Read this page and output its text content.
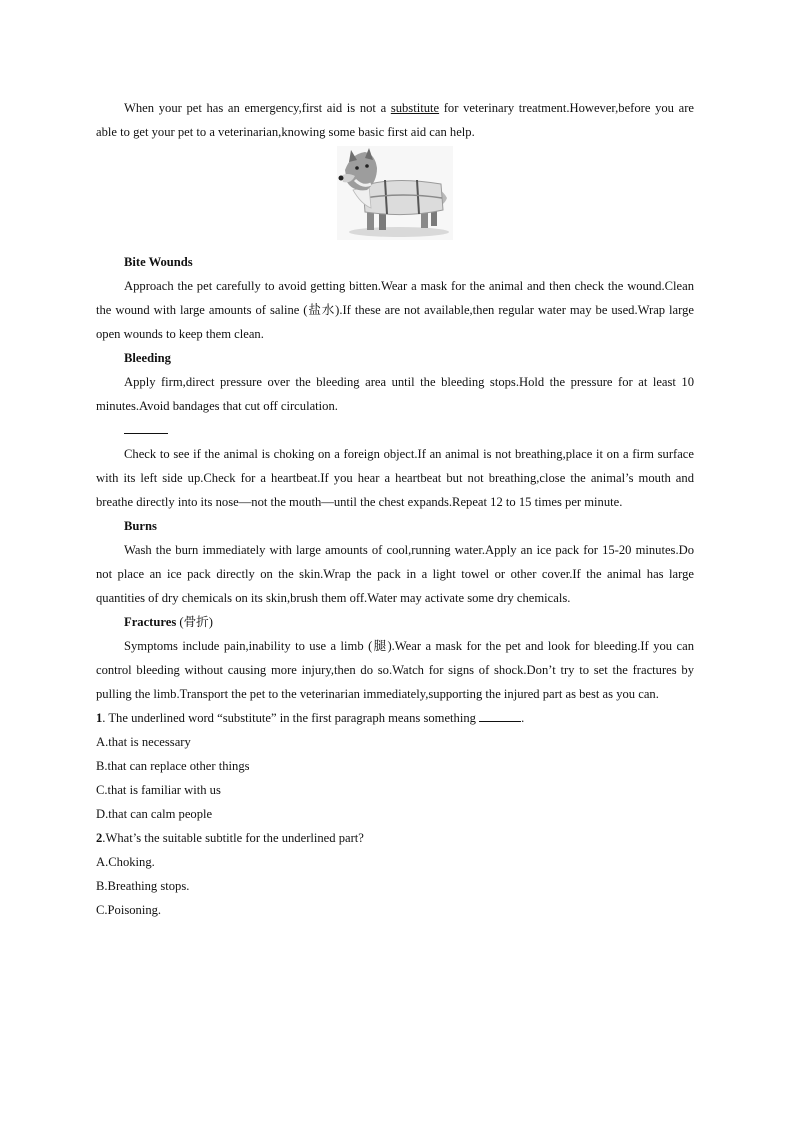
When your pet has an emergency,first aid is not a substitute for veterinary treatment.However,before you are able to get your pet to a veterinarian,knowing some basic first aid can help.

Bite Wounds

Approach the pet carefully to avoid getting bitten.Wear a mask for the animal and then check the wound.Clean the wound with large amounts of saline (盐水).If these are not available,then regular water may be used.Wrap large open wounds to keep them clean.

Bleeding

Apply firm,direct pressure over the bleeding area until the bleeding stops.Hold the pressure for at least 10 minutes.Avoid bandages that cut off circulation.

Check to see if the animal is choking on a foreign object.If an animal is not breathing,place it on a firm surface with its left side up.Check for a heartbeat.If you hear a heartbeat but not breathing,close the animal’s mouth and breathe directly into its nose—not the mouth—until the chest expands.Repeat 12 to 15 times per minute.

Burns

Wash the burn immediately with large amounts of cool,running water.Apply an ice pack for 15-20 minutes.Do not place an ice pack directly on the skin.Wrap the pack in a light towel or other cover.If the animal has large quantities of dry chemicals on its skin,brush them off.Water may activate some dry chemicals.

Fractures (骨折)

Symptoms include pain,inability to use a limb (腿).Wear a mask for the pet and look for bleeding.If you can control bleeding without causing more injury,then do so.Watch for signs of shock.Don’t try to set the fractures by pulling the limb.Transport the pet to the veterinarian immediately,supporting the injured part as best as you can.

1. The underlined word “substitute” in the first paragraph means something	.

A.that is necessary

B.that can replace other things

C.that is familiar with us

D.that can calm people

2.What’s the suitable subtitle for the underlined part?

A.Choking.

B.Breathing stops.

C.Poisoning.
